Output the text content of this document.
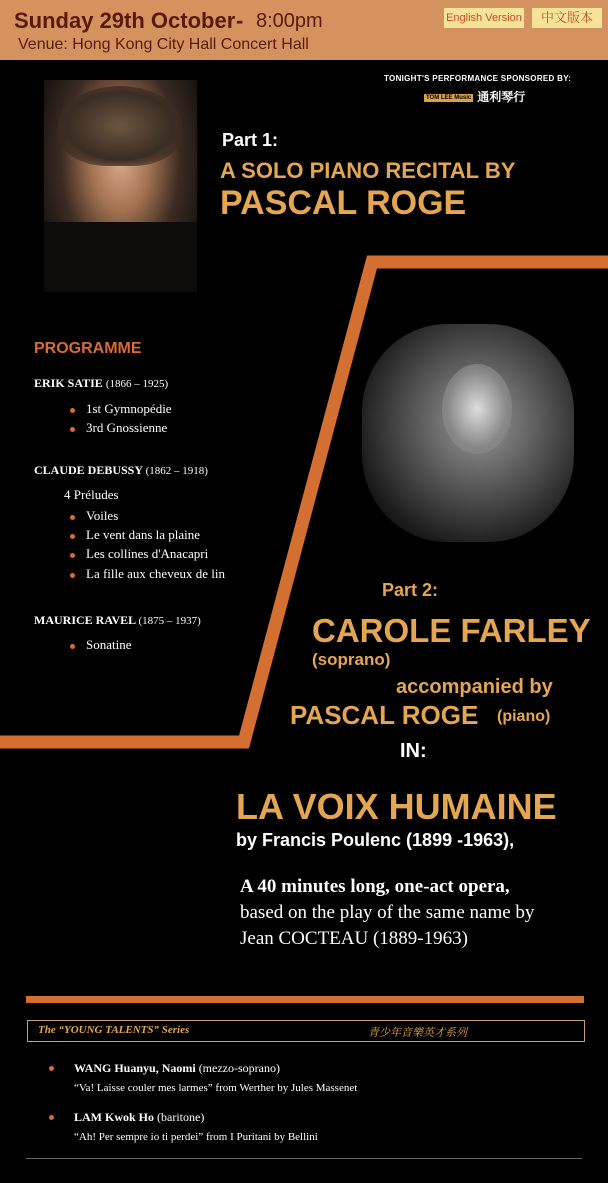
Sunday 29th October - 8:00pm
Venue: Hong Kong City Hall Concert Hall
English Version	中文版本
TONIGHT'S PERFORMANCE SPONSORED BY:
TOM LEE Music 通利琴行
Part 1:
A SOLO PIANO RECITAL BY
PASCAL ROGE
PROGRAMME
ERIK SATIE (1866 – 1925)
1st Gymnopédie
3rd Gnossienne
CLAUDE DEBUSSY (1862 – 1918)
4 Préludes
Voiles
Le vent dans la plaine
Les collines d'Anacapri
La fille aux cheveux de lin
MAURICE RAVEL (1875 – 1937)
Sonatine
Part 2:
CAROLE FARLEY
(soprano)
accompanied by
PASCAL ROGE (piano)
IN:
LA VOIX HUMAINE
by Francis Poulenc (1899 -1963),
A 40 minutes long, one-act opera,
based on the play of the same name by
Jean COCTEAU (1889-1963)
The “YOUNG TALENTS” Series	青少年音樂英才系列
WANG Huanyu, Naomi (mezzo-soprano)
“Va! Laisse couler mes larmes” from Werther by Jules Massenet
LAM Kwok Ho (baritone)
“Ah! Per sempre io ti perdei” from I Puritani by Bellini
